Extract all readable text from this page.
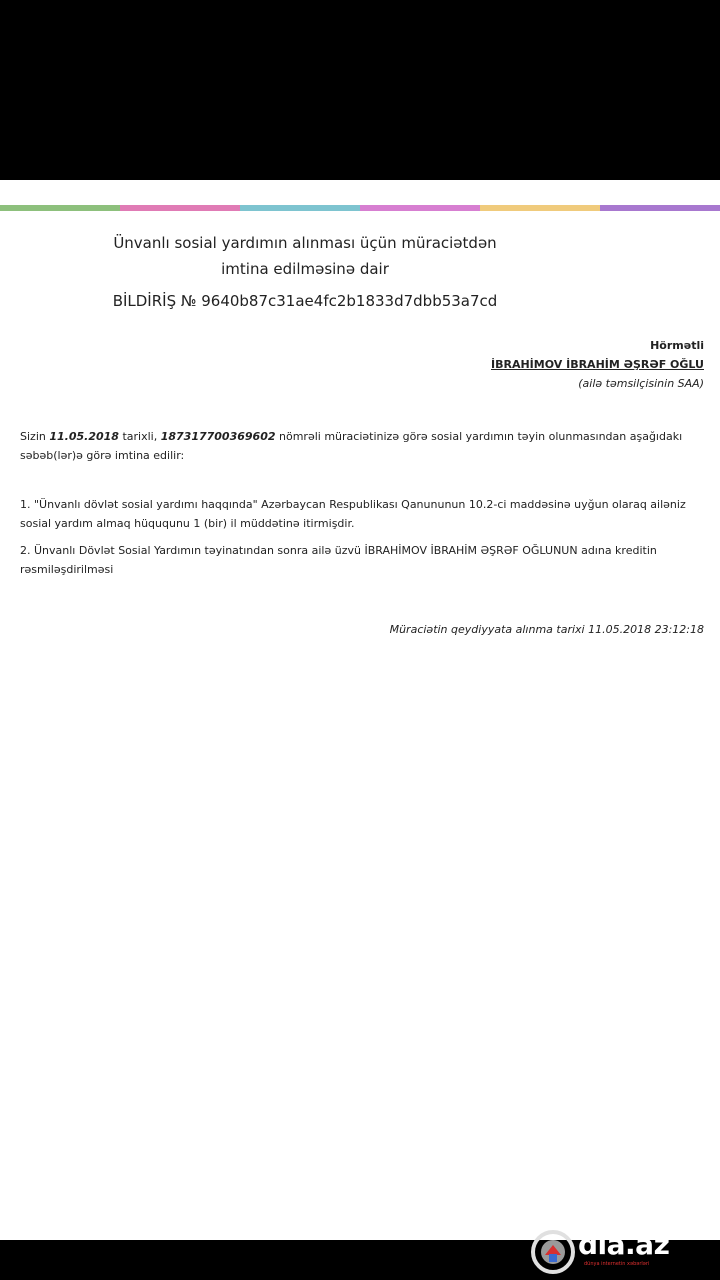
Ünvanlı sosial yardımın alınması üçün müraciətdən
imtina edilməsinə dair
BİLDİRİŞ № 9640b87c31ae4fc2b1833d7dbb53a7cd
Hörmətli
İBRAHİMOV İBRAHİM ƏŞRƏF OĞLU
(ailə təmsilçisinin SAA)
Sizin 11.05.2018 tarixli, 187317700369602 nömrəli müraciətinizə görə sosial yardımın təyin olunmasından aşağıdakı səbəb(lər)ə görə imtina edilir:
1. "Ünvanlı dövlət sosial yardımı haqqında" Azərbaycan Respublikası Qanununun 10.2-ci maddəsinə uyğun olaraq ailəniz sosial yardım almaq hüququnu 1 (bir) il müddətinə itirmişdir.
2. Ünvanlı Dövlət Sosial Yardımın təyinatından sonra ailə üzvü İBRAHİMOV İBRAHİM ƏŞRƏF OĞLUNUN adına kreditin rəsmiləşdirilməsi
Müraciətin qeydiyyata alınma tarixi 11.05.2018 23:12:18
dia.az
dünya internetin xəbərləri
